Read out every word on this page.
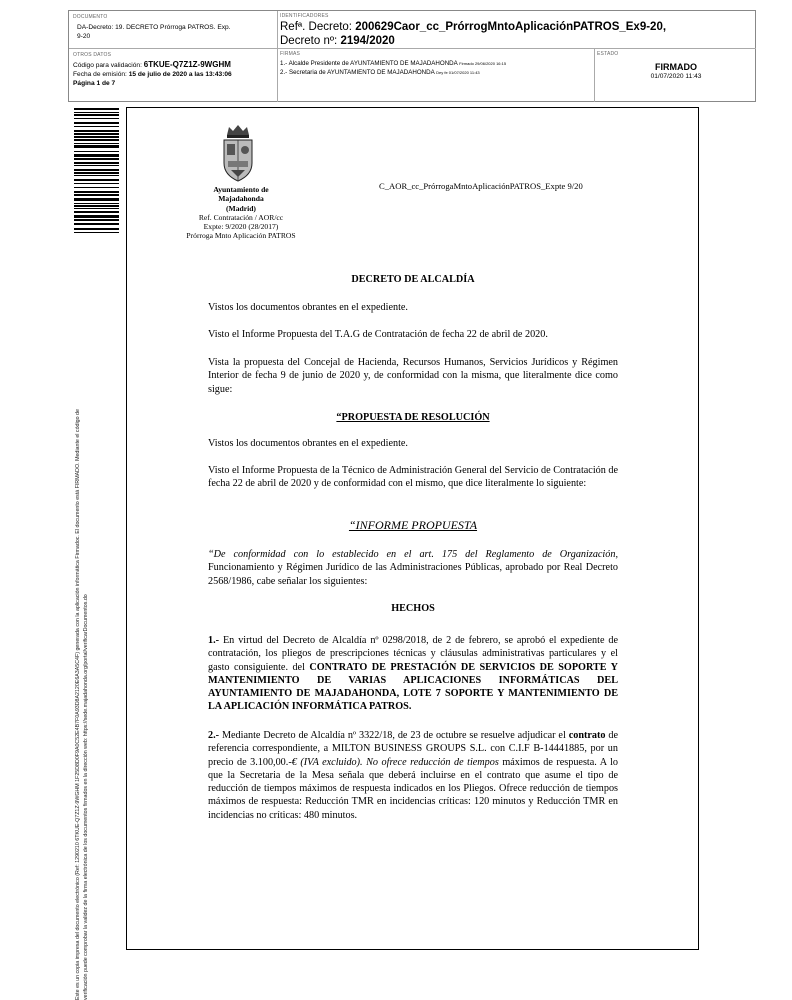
DOCUMENTO
DA-Decreto: 19. DECRETO Prórroga PATROS. Exp.
9-20
IDENTIFICADORES
Refª. Decreto: 200629Caor_cc_PrórrogMntoAplicaciónPATROS_Ex9-20,
Decreto nº: 2194/2020
OTROS DATOS
Código para validación: 6TKUE-Q7Z1Z-9WGHM
Fecha de emisión: 15 de julio de 2020 a las 13:43:06
Página 1 de 7
FIRMAS
1.- Alcalde Presidente de AYUNTAMIENTO DE MAJADAHONDA Firmado 29/06/2020 16:15
2.- Secretaria de AYUNTAMIENTO DE MAJADAHONDA Dey fe 01/07/2020 11:43
ESTADO
FIRMADO
01/07/2020 11:43
Este es un copia impresa del documento electrónico (Ref: 1290210 6TKUE-Q7Z1Z-9WGHM 1F25D8D0F9A0C52E4B7F0A93D8A2120E6A3A5C4F) generada con la aplicación informática Firmadoc. El documento está FIRMADO. Mediante el código de verificación puede comprobar la validez de la firma electrónica de los documentos firmados en la dirección web: https://sede.majadahonda.org/portal/verificarDocumentos.do
Ayuntamiento de
Majadahonda
(Madrid)
Ref. Contratación / AOR/cc
Expte: 9/2020 (28/2017)
Prórroga Mnto Aplicación PATROS
C_AOR_cc_PrórrogaMntoAplicaciónPATROS_Expte 9/20
DECRETO DE ALCALDÍA
Vistos los documentos obrantes en el expediente.
Visto el Informe Propuesta del T.A.G de Contratación de fecha 22 de abril de 2020.
Vista la propuesta del Concejal de Hacienda, Recursos Humanos, Servicios Jurídicos y Régimen Interior de fecha 9 de junio de 2020 y, de conformidad con la misma, que literalmente dice como sigue:
“PROPUESTA DE RESOLUCIÓN
Vistos los documentos obrantes en el expediente.
Visto el Informe Propuesta de la Técnico de Administración General del Servicio de Contratación de fecha 22 de abril de 2020 y de conformidad con el mismo, que dice literalmente lo siguiente:
“INFORME PROPUESTA
“De conformidad con lo establecido en el art. 175 del Reglamento de Organización, Funcionamiento y Régimen Jurídico de las Administraciones Públicas, aprobado por Real Decreto 2568/1986, cabe señalar los siguientes:
HECHOS
1.- En virtud del Decreto de Alcaldía nº 0298/2018, de 2 de febrero, se aprobó el expediente de contratación, los pliegos de prescripciones técnicas y cláusulas administrativas particulares y el gasto consiguiente. del CONTRATO DE PRESTACIÓN DE SERVICIOS DE SOPORTE Y MANTENIMIENTO DE VARIAS APLICACIONES INFORMÁTICAS DEL AYUNTAMIENTO DE MAJADAHONDA, LOTE 7 SOPORTE Y MANTENIMIENTO DE LA APLICACIÓN INFORMÁTICA PATROS.
2.- Mediante Decreto de Alcaldía nº 3322/18, de 23 de octubre se resuelve adjudicar el contrato de referencia correspondiente, a MILTON BUSINESS GROUPS S.L. con C.I.F B-14441885, por un precio de 3.100,00.-€ (IVA excluido). No ofrece reducción de tiempos máximos de respuesta. A lo que la Secretaria de la Mesa señala que deberá incluirse en el contrato que asume el tipo de reducción de tiempos máximos de respuesta indicados en los Pliegos. Ofrece reducción de tiempos máximos de respuesta: Reducción TMR en incidencias críticas: 120 minutos y Reducción TMR en incidencias no críticas: 480 minutos.
